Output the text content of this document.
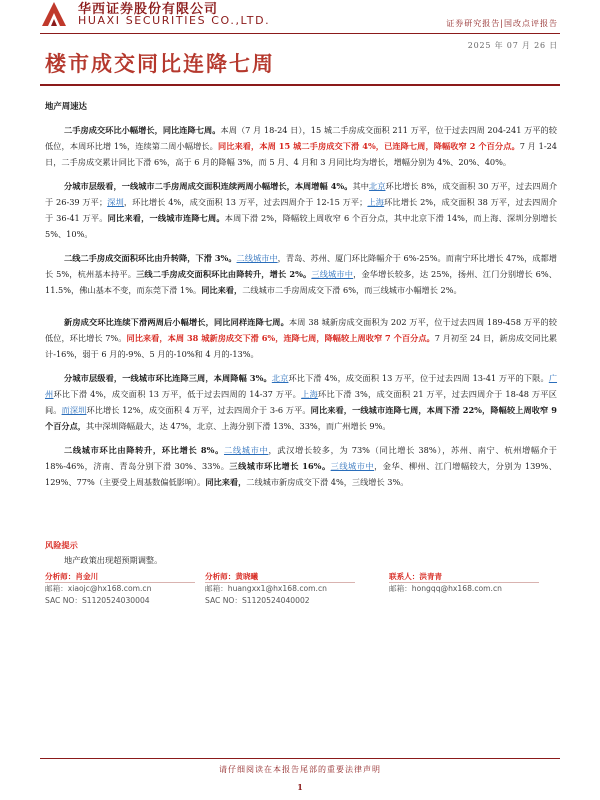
华西证券股份有限公司
HUAXI SECURITIES CO.,LTD.	证券研究报告|国改点评报告
2025 年 07 月 26 日
楼市成交同比连降七周
地产周速达

二手房成交环比小幅增长，同比连降七周。本周（7 月 18-24 日），15 城二手房成交面积 211 万平，位于过去四周 204-241 万平的较低位，本周环比增 1%，连续第二周小幅增长。同比来看，本周 15 城二手房成交下滑 4%，已连降七周，降幅收窄 2 个百分点。7 月 1-24 日，二手房成交累计同比下滑 6%，高于 6 月的降幅 3%，而 5 月、4 月和 3 月同比均为增长，增幅分别为 4%、20%、40%。

分城市层级看，一线城市二手房周成交面积连续两周小幅增长，本周增幅 4%。其中北京环比增长 8%，成交面积 30 万平，过去四周介于 26-39 万平；深圳，环比增长 4%，成交面积 13 万平，过去四周介于 12-15 万平；上海环比增长 2%，成交面积 38 万平，过去四周介于 36-41 万平。同比来看，一线城市连降七周。本周下滑 2%，降幅较上周收窄 6 个百分点，其中北京下滑 14%，而上海、深圳分别增长 5%、10%。

二线二手房成交面积环比由升转降，下滑 3%。二线城市中，青岛、苏州、厦门环比降幅介于 6%-25%。而南宁环比增长 47%，成都增长 5%，杭州基本持平。三线二手房成交面积环比由降转升，增长 2%。三线城市中，金华增长较多，达 25%，扬州、江门分别增长 6%、11.5%，佛山基本不变，而东莞下滑 1%。同比来看，二线城市二手房周成交下滑 6%，而三线城市小幅增长 2%。

新房成交环比连续下滑两周后小幅增长，同比同样连降七周。本周 38 城新房成交面积为 202 万平，位于过去四周 189-458 万平的较低位，环比增长 7%。同比来看，本周 38 城新房成交下滑 6%，连降七周，降幅较上周收窄 7 个百分点。7 月初至 24 日，新房成交同比累计-16%，弱于 6 月的-9%、5 月的-10%和 4 月的-13%。

分城市层级看，一线城市环比连降三周，本周降幅 3%。北京环比下滑 4%，成交面积 13 万平，位于过去四周 13-41 万平的下限。广州环比下滑 4%，成交面积 13 万平，低于过去四周的 14-37 万平。上海环比下滑 3%，成交面积 21 万平，过去四周介于 18-48 万平区间。而深圳环比增长 12%，成交面积 4 万平，过去四周介于 3-6 万平。同比来看，一线城市连降七周，本周下滑 22%，降幅较上周收窄 9 个百分点，其中深圳降幅最大，达 47%，北京、上海分别下滑 13%、33%，而广州增长 9%。

二线城市环比由降转升，环比增长 8%。二线城市中，武汉增长较多，为 73%（同比增长 38%），苏州、南宁、杭州增幅介于 18%-46%，济南、青岛分别下滑 30%、33%。三线城市环比增长 16%。三线城市中，金华、柳州、江门增幅较大，分别为 139%、129%、77%（主要受上周基数偏低影响）。同比来看，二线城市新房成交下滑 4%，三线增长 3%。

风险提示
地产政策出现超预期调整。
分析师：肖金川
邮箱：xiaojc@hx168.com.cn
SAC NO：S1120524030004
分析师：黄晓曦
邮箱：huangxx1@hx168.com.cn
SAC NO：S1120524040002
联系人：洪青青
邮箱：hongqq@hx168.com.cn
请仔细阅读在本报告尾部的重要法律声明
1
